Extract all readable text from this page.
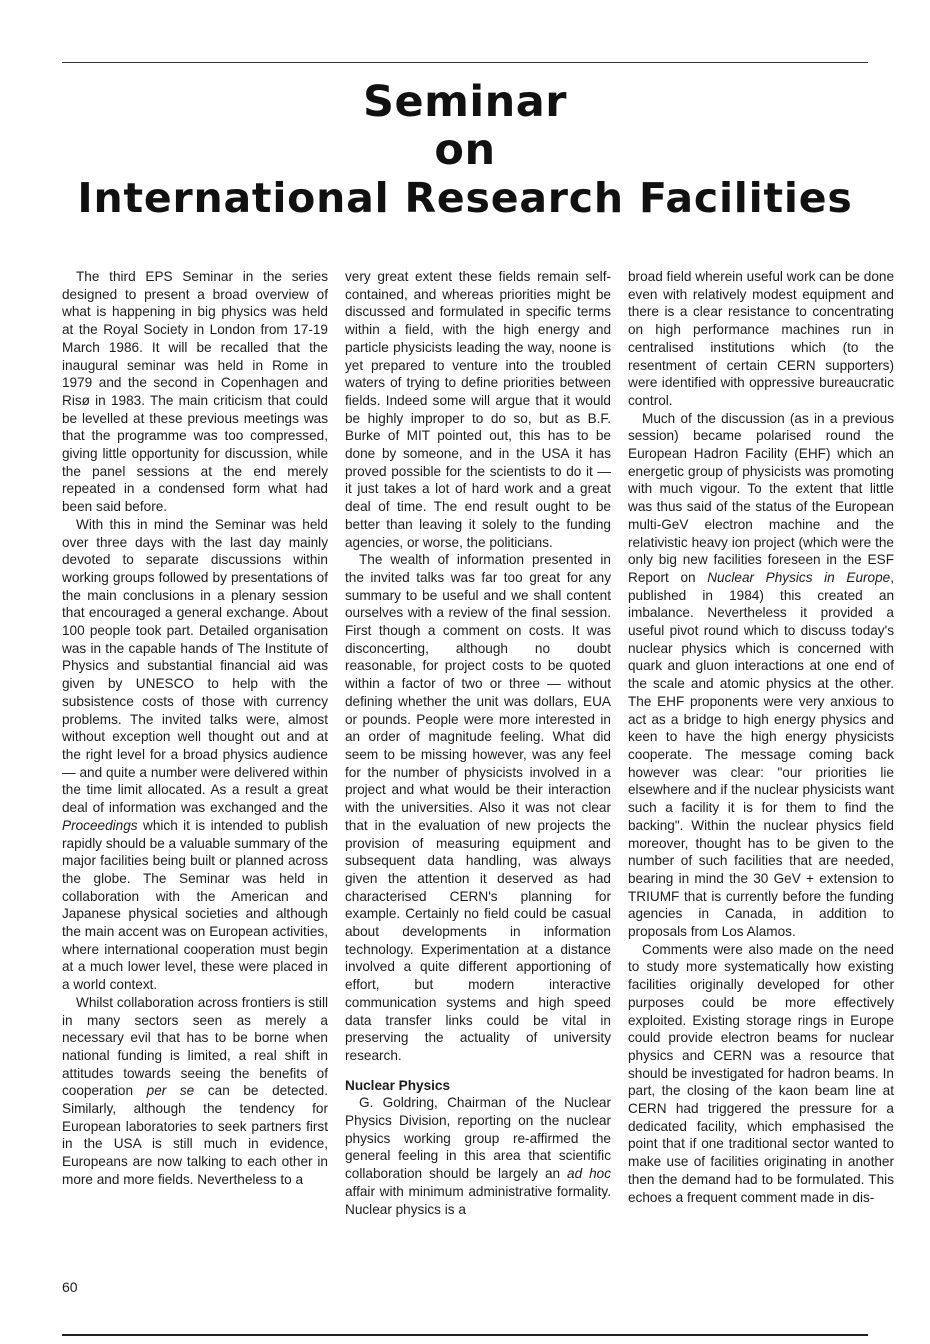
Seminar
on
International Research Facilities

The third EPS Seminar in the series designed to present a broad overview of what is happening in big physics was held at the Royal Society in London from 17-19 March 1986. It will be recalled that the inaugural seminar was held in Rome in 1979 and the second in Copenhagen and Risø in 1983. The main criticism that could be levelled at these previous meetings was that the programme was too compressed, giving little opportunity for discussion, while the panel sessions at the end merely repeated in a condensed form what had been said before.

With this in mind the Seminar was held over three days with the last day mainly devoted to separate discussions within working groups followed by presentations of the main conclusions in a plenary session that encouraged a general exchange. About 100 people took part. Detailed organisation was in the capable hands of The Institute of Physics and substantial financial aid was given by UNESCO to help with the subsistence costs of those with currency problems. The invited talks were, almost without exception well thought out and at the right level for a broad physics audience — and quite a number were delivered within the time limit allocated. As a result a great deal of information was exchanged and the Proceedings which it is intended to publish rapidly should be a valuable summary of the major facilities being built or planned across the globe. The Seminar was held in collaboration with the American and Japanese physical societies and although the main accent was on European activities, where international cooperation must begin at a much lower level, these were placed in a world context.

Whilst collaboration across frontiers is still in many sectors seen as merely a necessary evil that has to be borne when national funding is limited, a real shift in attitudes towards seeing the benefits of cooperation per se can be detected. Similarly, although the tendency for European laboratories to seek partners first in the USA is still much in evidence, Europeans are now talking to each other in more and more fields. Nevertheless to a

very great extent these fields remain self-contained, and whereas priorities might be discussed and formulated in specific terms within a field, with the high energy and particle physicists leading the way, noone is yet prepared to venture into the troubled waters of trying to define priorities between fields. Indeed some will argue that it would be highly improper to do so, but as B.F. Burke of MIT pointed out, this has to be done by someone, and in the USA it has proved possible for the scientists to do it — it just takes a lot of hard work and a great deal of time. The end result ought to be better than leaving it solely to the funding agencies, or worse, the politicians.

The wealth of information presented in the invited talks was far too great for any summary to be useful and we shall content ourselves with a review of the final session. First though a comment on costs. It was disconcerting, although no doubt reasonable, for project costs to be quoted within a factor of two or three — without defining whether the unit was dollars, EUA or pounds. People were more interested in an order of magnitude feeling. What did seem to be missing however, was any feel for the number of physicists involved in a project and what would be their interaction with the universities. Also it was not clear that in the evaluation of new projects the provision of measuring equipment and subsequent data handling, was always given the attention it deserved as had characterised CERN's planning for example. Certainly no field could be casual about developments in information technology. Experimentation at a distance involved a quite different apportioning of effort, but modern interactive communication systems and high speed data transfer links could be vital in preserving the actuality of university research.

Nuclear Physics

G. Goldring, Chairman of the Nuclear Physics Division, reporting on the nuclear physics working group re-affirmed the general feeling in this area that scientific collaboration should be largely an ad hoc affair with minimum administrative formality. Nuclear physics is a

broad field wherein useful work can be done even with relatively modest equipment and there is a clear resistance to concentrating on high performance machines run in centralised institutions which (to the resentment of certain CERN supporters) were identified with oppressive bureaucratic control.

Much of the discussion (as in a previous session) became polarised round the European Hadron Facility (EHF) which an energetic group of physicists was promoting with much vigour. To the extent that little was thus said of the status of the European multi-GeV electron machine and the relativistic heavy ion project (which were the only big new facilities foreseen in the ESF Report on Nuclear Physics in Europe, published in 1984) this created an imbalance. Nevertheless it provided a useful pivot round which to discuss today's nuclear physics which is concerned with quark and gluon interactions at one end of the scale and atomic physics at the other. The EHF proponents were very anxious to act as a bridge to high energy physics and keen to have the high energy physicists cooperate. The message coming back however was clear: "our priorities lie elsewhere and if the nuclear physicists want such a facility it is for them to find the backing". Within the nuclear physics field moreover, thought has to be given to the number of such facilities that are needed, bearing in mind the 30 GeV + extension to TRIUMF that is currently before the funding agencies in Canada, in addition to proposals from Los Alamos.

Comments were also made on the need to study more systematically how existing facilities originally developed for other purposes could be more effectively exploited. Existing storage rings in Europe could provide electron beams for nuclear physics and CERN was a resource that should be investigated for hadron beams. In part, the closing of the kaon beam line at CERN had triggered the pressure for a dedicated facility, which emphasised the point that if one traditional sector wanted to make use of facilities originating in another then the demand had to be formulated. This echoes a frequent comment made in dis-

60
